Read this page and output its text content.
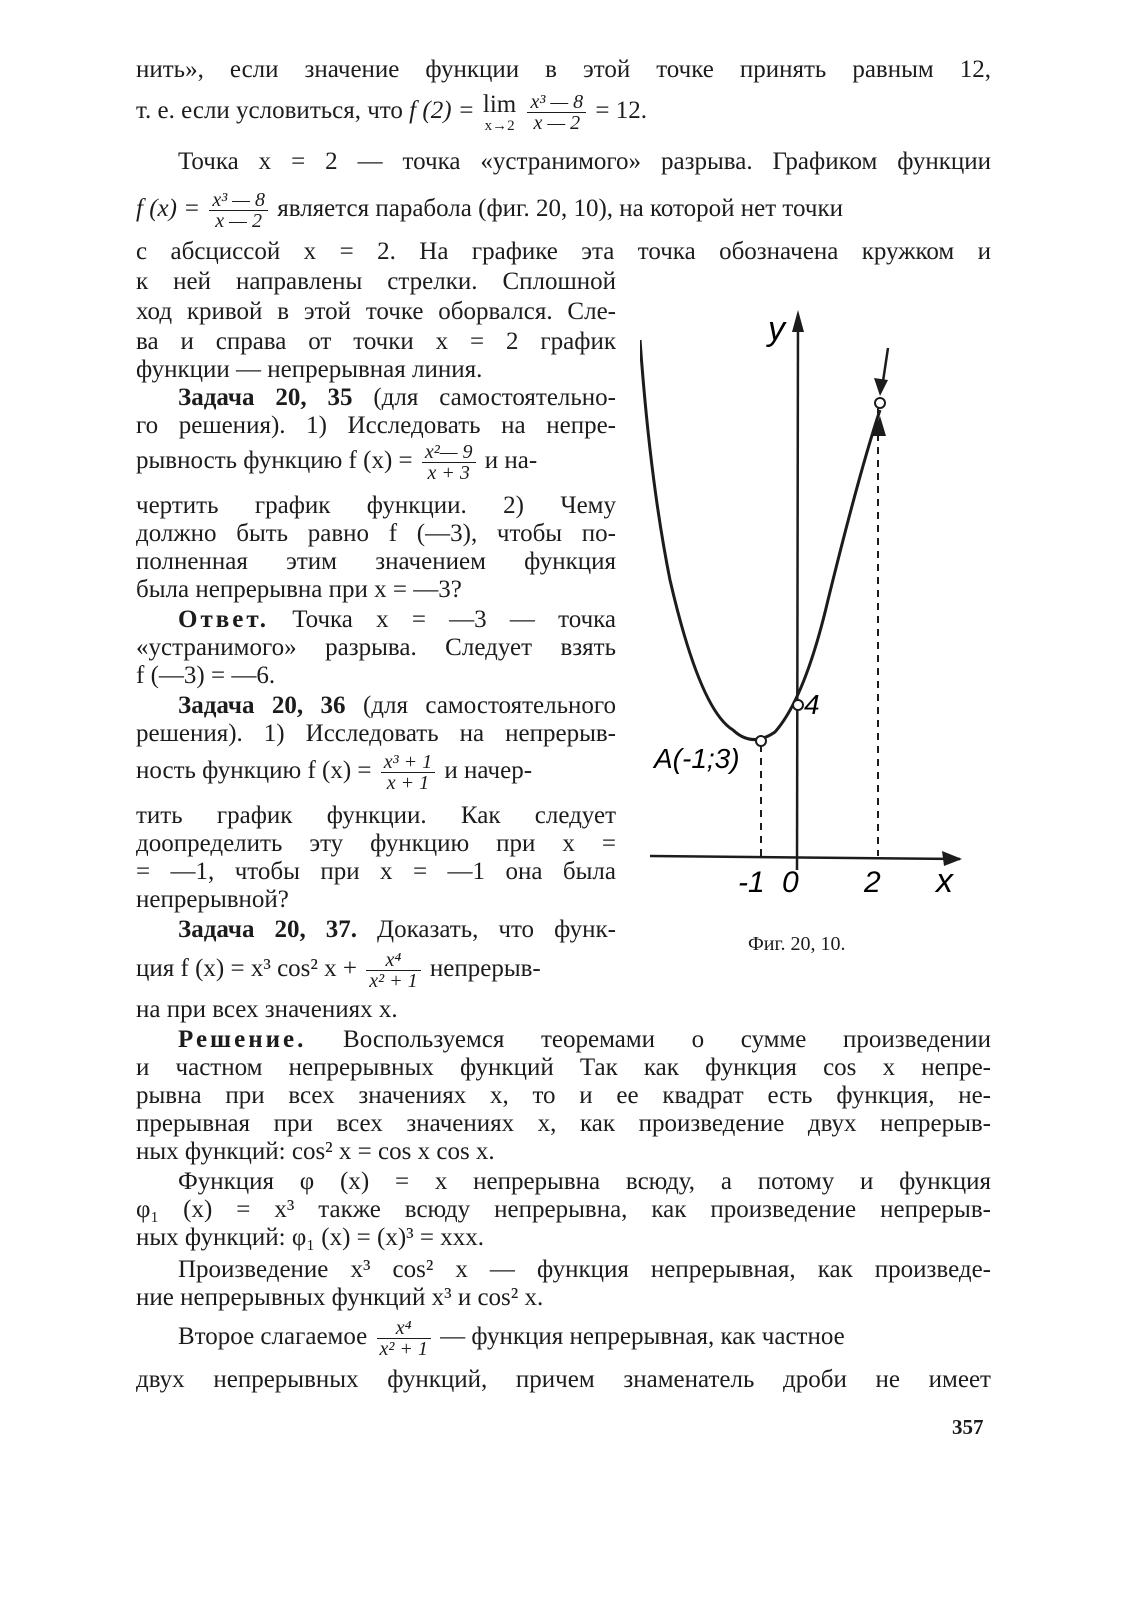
нить», если значение функции в этой точке принять равным 12,
т. е. если условиться, что f (2) = lim
x→2
$\frac{\text{x³ — 8}}{x — 2} = 12$.
Точка x = 2 — точка «устранимого» разрыва. Графиком функции
f $(x) = \frac{\text{x³ — 8}}{x — 2}$ является парабола (фиг. 20, 10), на которой нет точки
с абсциссой x = 2. На графике эта точка обозначена кружком и
к ней направлены стрелки. Сплошной
ход кривой в этой точке оборвался. Сле-
ва и справа от точки x = 2 график
функции — непрерывная линия.
Задача 20, 35 (для самостоятельно-
го решения). 1) Исследовать на непре-
рывность функцию f $(x) = \frac{\text{x²— 9}}{x + 3}$ и на-
чертить график функции. 2) Чему
должно быть равно f (—3), чтобы по-
полненная этим значением функция
была непрерывна при x = —3?
Ответ. Точка x = —3 — точка
«устранимого» разрыва. Следует взять
f (—3) = —6.
Задача 20, 36 (для самостоятельного
решения). 1) Исследовать на непрерыв-
ность функцию f $(x) = \frac{\text{x³ + 1}}{x + 1}$ и начер-
тить график функции. Как следует
доопределить эту функцию при x =
= —1, чтобы при x = —1 она была
непрерывной?
Задача 20, 37. Доказать, что функ-
ция f (x) = x³ cos² $x + \frac{\text{x⁴}}{\text{x² + 1}}$ непрерыв-
на при всех значениях x.
Решение. Воспользуемся теоремами о сумме произведении
и частном непрерывных функций Так как функция cos x непре-
рывна при всех значениях x, то и ее квадрат есть функция, не-
прерывная при всех значениях x, как произведение двух непрерыв-
ных функций: cos² x = cos x cos x.
Функция φ (x) = x непрерывна всюду, а потому и функция
φ₁ (x) = x³ также всюду непрерывна, как произведение непрерыв-
ных функций: φ₁ (x) = (x)³ = xxx.
Произведение x³ cos² x — функция непрерывная, как произведе-
ние непрерывных функций x³ и cos² x.
Второе слагаемое $\frac{\text{x⁴}}{\text{x² + 1}}$ — функция непрерывная, как частное
двух непрерывных функций, причем знаменатель дроби не имеет
y
x
A(-1;3)
4
-1 0 2
Фиг. 20, 10.
357
